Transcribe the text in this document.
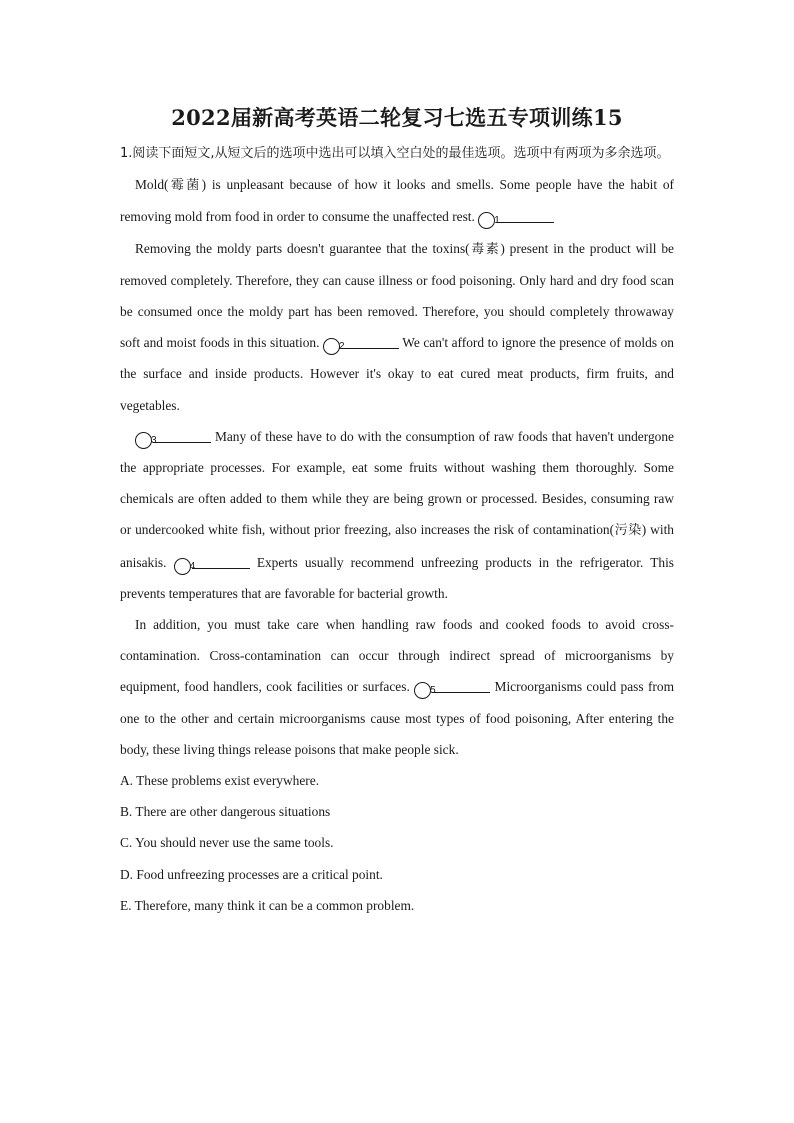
2022届新高考英语二轮复习七选五专项训练15

1.阅读下面短文,从短文后的选项中选出可以填入空白处的最佳选项。选项中有两项为多余选项。

Mold(霉菌) is unpleasant because of how it looks and smells. Some people have the habit of removing mold from food in order to consume the unaffected rest. 1

Removing the moldy parts doesn't guarantee that the toxins(毒素) present in the product will be removed completely. Therefore, they can cause illness or food poisoning. Only hard and dry food scan be consumed once the moldy part has been removed. Therefore, you should completely throwaway soft and moist foods in this situation. 2	We can't afford to ignore the presence of molds on the surface and inside products. However it's okay to eat cured meat products, firm fruits, and vegetables.

3	Many of these have to do with the consumption of raw foods that haven't undergone the appropriate processes. For example, eat some fruits without washing them thoroughly. Some chemicals are often added to them while they are being grown or processed. Besides, consuming raw or undercooked white fish, without prior freezing, also increases the risk of contamination(污染) with anisakis. 4	Experts usually recommend unfreezing products in the refrigerator. This prevents temperatures that are favorable for bacterial growth.

In addition, you must take care when handling raw foods and cooked foods to avoid cross-contamination. Cross-contamination can occur through indirect spread of microorganisms by equipment, food handlers, cook facilities or surfaces. 5	Microorganisms could pass from one to the other and certain microorganisms cause most types of food poisoning, After entering the body, these living things release poisons that make people sick.

A. These problems exist everywhere.

B. There are other dangerous situations

C. You should never use the same tools.

D. Food unfreezing processes are a critical point.

E. Therefore, many think it can be a common problem.
